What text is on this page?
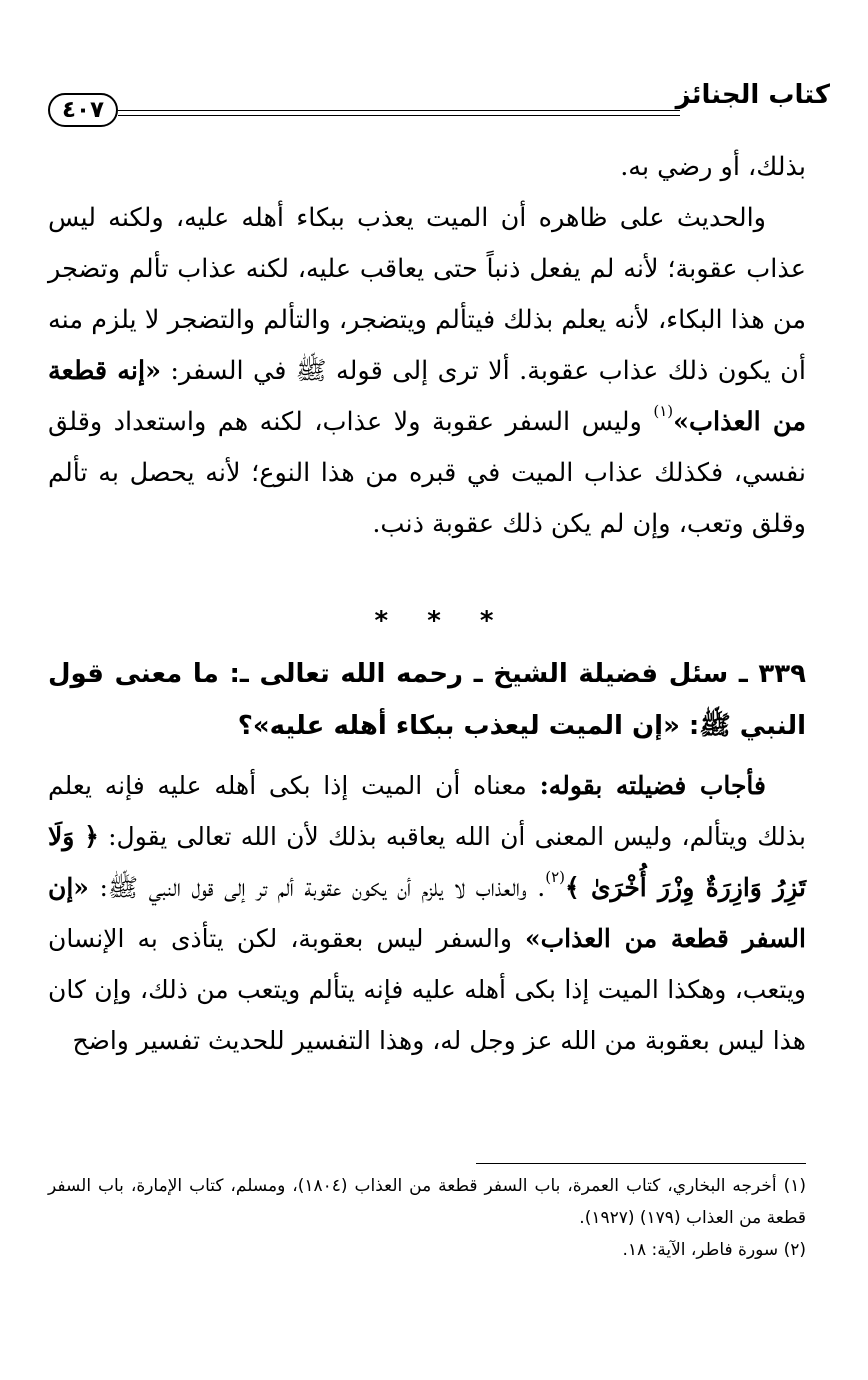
كتاب الجنائز
٤٠٧

بذلك، أو رضي به.

والحديث على ظاهره أن الميت يعذب ببكاء أهله عليه، ولكنه ليس عذاب عقوبة؛ لأنه لم يفعل ذنباً حتى يعاقب عليه، لكنه عذاب تألم وتضجر من هذا البكاء، لأنه يعلم بذلك فيتألم ويتضجر، والتألم والتضجر لا يلزم منه أن يكون ذلك عذاب عقوبة. ألا ترى إلى قوله ﷺ في السفر: «إنه قطعة من العذاب»$^{(١)}$ وليس السفر عقوبة ولا عذاب، لكنه هم واستعداد وقلق نفسي، فكذلك عذاب الميت في قبره من هذا النوع؛ لأنه يحصل به تألم وقلق وتعب، وإن لم يكن ذلك عقوبة ذنب.

* * *
٣٣٩ ـ سئل فضيلة الشيخ ـ رحمه الله تعالى ـ: ما معنى قول النبي ﷺ: «إن الميت ليعذب ببكاء أهله عليه»؟

فأجاب فضيلته بقوله: معناه أن الميت إذا بكى أهله عليه فإنه يعلم بذلك ويتألم، وليس المعنى أن الله يعاقبه بذلك لأن الله تعالى يقول: ﴿ وَلَا تَزِرُ وَازِرَةٌ وِزْرَ أُخْرَىٰ ﴾$^{(٢)}$. والعذاب لا يلزم أن يكون عقوبة ألم تر إلى قول النبي ﷺ: «إن السفر قطعة من العذاب» والسفر ليس بعقوبة، لكن يتأذى به الإنسان ويتعب، وهكذا الميت إذا بكى أهله عليه فإنه يتألم ويتعب من ذلك، وإن كان هذا ليس بعقوبة من الله عز وجل له، وهذا التفسير للحديث تفسير واضح

(١) أخرجه البخاري، كتاب العمرة، باب السفر قطعة من العذاب (١٨٠٤)، ومسلم، كتاب الإمارة، باب السفر قطعة من العذاب (١٧٩) (١٩٢٧).

(٢) سورة فاطر، الآية: ١٨.
